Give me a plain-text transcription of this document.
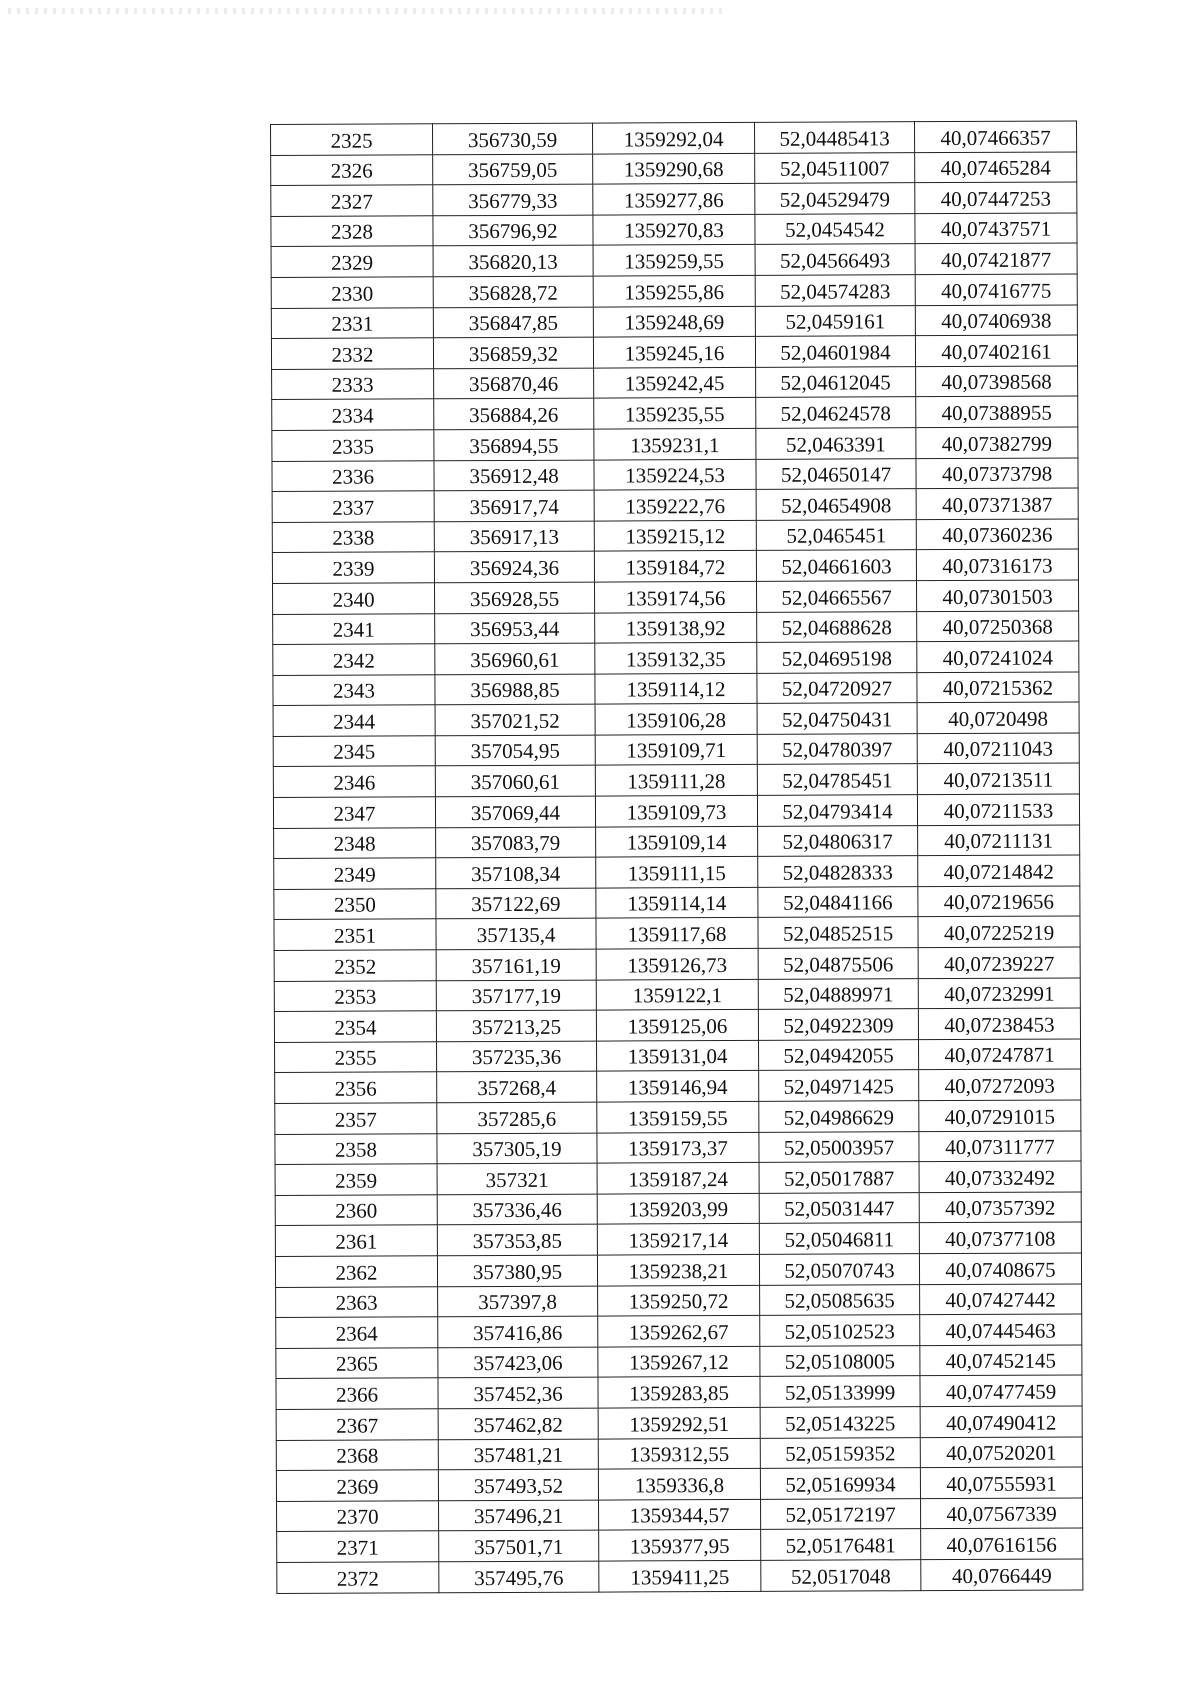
2325	356730,59	1359292,04	52,04485413	40,07466357
2326	356759,05	1359290,68	52,04511007	40,07465284
2327	356779,33	1359277,86	52,04529479	40,07447253
2328	356796,92	1359270,83	52,0454542	40,07437571
2329	356820,13	1359259,55	52,04566493	40,07421877
2330	356828,72	1359255,86	52,04574283	40,07416775
2331	356847,85	1359248,69	52,0459161	40,07406938
2332	356859,32	1359245,16	52,04601984	40,07402161
2333	356870,46	1359242,45	52,04612045	40,07398568
2334	356884,26	1359235,55	52,04624578	40,07388955
2335	356894,55	1359231,1	52,0463391	40,07382799
2336	356912,48	1359224,53	52,04650147	40,07373798
2337	356917,74	1359222,76	52,04654908	40,07371387
2338	356917,13	1359215,12	52,0465451	40,07360236
2339	356924,36	1359184,72	52,04661603	40,07316173
2340	356928,55	1359174,56	52,04665567	40,07301503
2341	356953,44	1359138,92	52,04688628	40,07250368
2342	356960,61	1359132,35	52,04695198	40,07241024
2343	356988,85	1359114,12	52,04720927	40,07215362
2344	357021,52	1359106,28	52,04750431	40,0720498
2345	357054,95	1359109,71	52,04780397	40,07211043
2346	357060,61	1359111,28	52,04785451	40,07213511
2347	357069,44	1359109,73	52,04793414	40,07211533
2348	357083,79	1359109,14	52,04806317	40,07211131
2349	357108,34	1359111,15	52,04828333	40,07214842
2350	357122,69	1359114,14	52,04841166	40,07219656
2351	357135,4	1359117,68	52,04852515	40,07225219
2352	357161,19	1359126,73	52,04875506	40,07239227
2353	357177,19	1359122,1	52,04889971	40,07232991
2354	357213,25	1359125,06	52,04922309	40,07238453
2355	357235,36	1359131,04	52,04942055	40,07247871
2356	357268,4	1359146,94	52,04971425	40,07272093
2357	357285,6	1359159,55	52,04986629	40,07291015
2358	357305,19	1359173,37	52,05003957	40,07311777
2359	357321	1359187,24	52,05017887	40,07332492
2360	357336,46	1359203,99	52,05031447	40,07357392
2361	357353,85	1359217,14	52,05046811	40,07377108
2362	357380,95	1359238,21	52,05070743	40,07408675
2363	357397,8	1359250,72	52,05085635	40,07427442
2364	357416,86	1359262,67	52,05102523	40,07445463
2365	357423,06	1359267,12	52,05108005	40,07452145
2366	357452,36	1359283,85	52,05133999	40,07477459
2367	357462,82	1359292,51	52,05143225	40,07490412
2368	357481,21	1359312,55	52,05159352	40,07520201
2369	357493,52	1359336,8	52,05169934	40,07555931
2370	357496,21	1359344,57	52,05172197	40,07567339
2371	357501,71	1359377,95	52,05176481	40,07616156
2372	357495,76	1359411,25	52,0517048	40,0766449
